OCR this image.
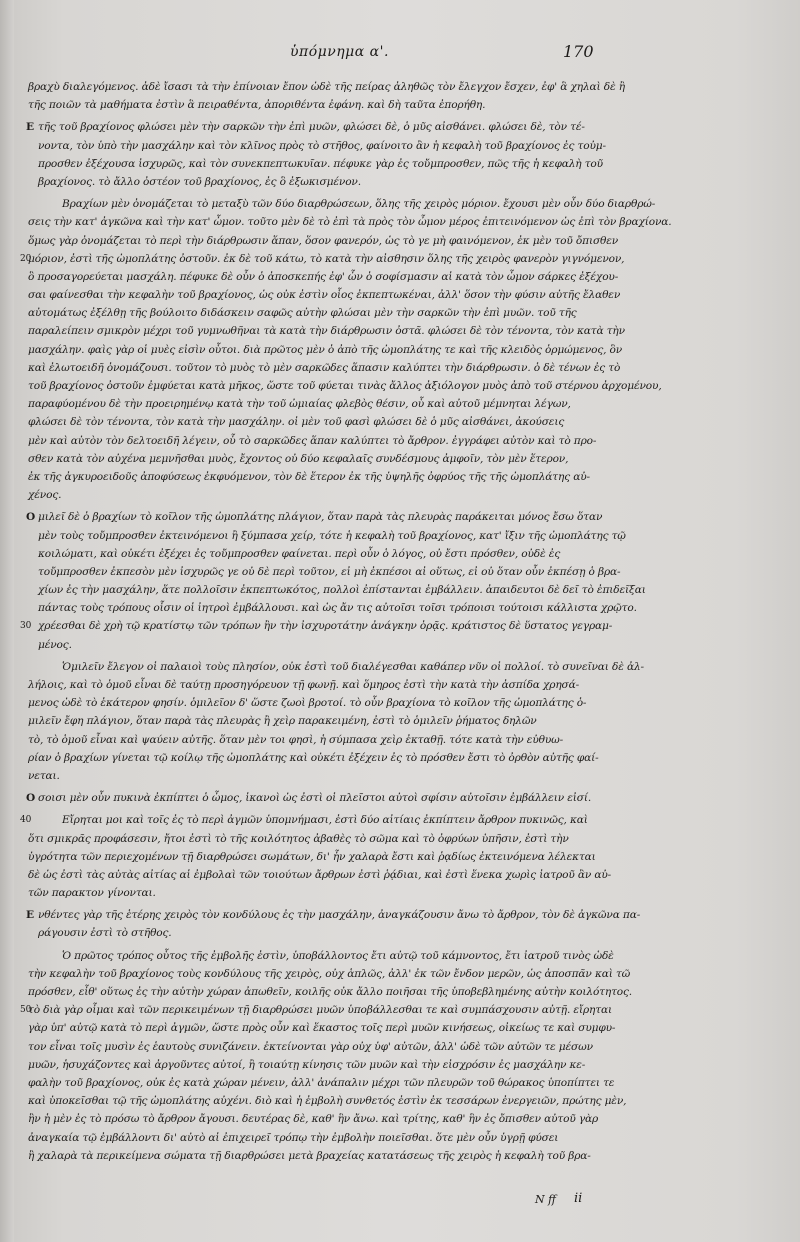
ὑπόμνημα α'.	170
βραχὺ διαλεγόμενος. ἀδὲ ἴσασι τὰ τὴν ἐπίνοιαν ἔπον ὡδὲ τῆς πείρας ἀληθῶς τὸν ἔλεγχον ἔσχεν, ἐφ' ἃ χηλαὶ δὲ ἢ
τῆς ποιῶν τὰ μαθήματα ἐστὶν ἃ πειραθέντα, ἀποριθέντα ἐφάνη. καὶ δὴ ταῦτα ἐπορήθη.
E τῆς τοῦ βραχίονος φλώσει μὲν τὴν σαρκῶν τὴν ἐπὶ μυῶν, φλώσει δὲ, ὁ μῦς αἰσθάνει. φλώσει δὲ, τὸν τέ-
νοντα, τὸν ὑπὸ τὴν μασχάλην καὶ τὸν κλῖνος πρὸς τὸ στῆθος, φαίνοιτο ἂν ἡ κεφαλὴ τοῦ βραχίονος ἐς τοὐμ-
προσθεν ἐξέχουσα ἰσχυρῶς, καὶ τὸν συνεκπεπτωκυῖαν. πέφυκε γὰρ ἐς τοὔμπροσθεν, πῶς τῆς ἡ κεφαλὴ τοῦ
βραχίονος. τὸ ἄλλο ὀστέον τοῦ βραχίονος, ἐς ὃ ἐξωκισμένον.
Βραχίων μὲν ὀνομάζεται τὸ μεταξὺ τῶν δύο διαρθρώσεων, ὅλης τῆς χειρὸς μόριον. ἔχουσι μὲν οὖν δύο διαρθρώ-
σεις τὴν κατ' ἀγκῶνα καὶ τὴν κατ' ὦμον. τοῦτο μὲν δὲ τὸ ἐπὶ τὰ πρὸς τὸν ὦμον μέρος ἐπιτεινόμενον ὡς ἐπὶ τὸν βραχίονα.
ὅμως γὰρ ὀνομάζεται τὸ περὶ τὴν διάρθρωσιν ἅπαν, ὅσον φανερόν, ὡς τὸ γε μὴ φαινόμενον, ἐκ μὲν τοῦ ὄπισθεν
20
μόριον, ἐστὶ τῆς ὠμοπλάτης ὀστοῦν. ἐκ δὲ τοῦ κάτω, τὸ κατὰ τὴν αἰσθησιν ὅλης τῆς χειρὸς φανερὸν γιγνόμενον,
ὃ προσαγορεύεται μασχάλη. πέφυκε δὲ οὖν ὁ ἀποσκεπής ἐφ' ὧν ὁ σοφίσμασιν αἱ κατὰ τὸν ὦμον σάρκες ἐξέχου-
σαι φαίνεσθαι τὴν κεφαλὴν τοῦ βραχίονος, ὡς οὐκ ἐστὶν οἷος ἐκπεπτωκέναι, ἀλλ' ὅσον τὴν φύσιν αὐτῆς ἔλαθεν
αὐτομάτως ἐξέλθῃ τῆς βούλοιτο διδάσκειν σαφῶς αὐτὴν φλώσαι μὲν τὴν σαρκῶν τὴν ἐπὶ μυῶν. τοῦ τῆς
παραλείπειν σμικρὸν μέχρι τοῦ γυμνωθῆναι τὰ κατὰ τὴν διάρθρωσιν ὀστᾶ. φλώσει δὲ τὸν τένοντα, τὸν κατὰ τὴν
μασχάλην. φαὶς γὰρ οἱ μυὲς εἰσὶν οὗτοι. διὰ πρῶτος μὲν ὁ ἀπὸ τῆς ὠμοπλάτης τε καὶ τῆς κλειδὸς ὁρμώμενος, ὃν
καὶ ἐλωτοειδῆ ὀνομάζουσι. τοῦτον τὸ μυὸς τὸ μὲν σαρκῶδες ἅπασιν καλύπτει τὴν διάρθρωσιν. ὁ δὲ τένων ἐς τὸ
τοῦ βραχίονος ὀστοῦν ἐμφύεται κατὰ μῆκος, ὥστε τοῦ φύεται τινὰς ἄλλος ἀξιόλογον μυὸς ἀπὸ τοῦ στέρνου ἀρχομένου,
παραφύομένου δὲ τὴν προειρημένῳ κατὰ τὴν τοῦ ὠμιαίας φλεβὸς θέσιν, οὗ καὶ αὐτοῦ μέμνηται λέγων,
φλώσει δὲ τὸν τένοντα, τὸν κατὰ τὴν μασχάλην. οἱ μὲν τοῦ φασὶ φλώσει δὲ ὁ μῦς αἰσθάνει, ἀκούσεις
μὲν καὶ αὐτὸν τὸν δελτοειδῆ λέγειν, οὗ τὸ σαρκῶδες ἅπαν καλύπτει τὸ ἄρθρον. ἐγγράφει αὐτὸν καὶ τὸ προ-
σθεν κατὰ τὸν αὐχένα μεμνῆσθαι μυὸς, ἔχοντος οὐ δύο κεφαλαῖς συνδέσμους ἀμφοῖν, τὸν μὲν ἕτερον,
ἐκ τῆς ἀγκυροειδοῦς ἀποφύσεως ἐκφυόμενον, τὸν δὲ ἕτερον ἐκ τῆς ὑψηλῆς ὀφρύος τῆς τῆς ὠμοπλάτης αὐ-
χένος.
O μιλεῖ δὲ ὁ βραχίων τὸ κοῖλον τῆς ὠμοπλάτης πλάγιον, ὅταν παρὰ τὰς πλευρὰς παράκειται μόνος ἔσω ὅταν
μὲν τοὺς τοὔμπροσθεν ἐκτεινόμενοι ἢ ξύμπασα χείρ, τότε ἡ κεφαλὴ τοῦ βραχίονος, κατ' ἴξιν τῆς ὠμοπλάτης τῷ
κοιλώματι, καὶ οὐκέτι ἐξέχει ἐς τοὔμπροσθεν φαίνεται. περὶ οὖν ὁ λόγος, οὐ ἔστι πρόσθεν, οὐδὲ ἐς
τοὔμπροσθεν ἐκπεσὸν μὲν ἰσχυρῶς γε οὐ δὲ περὶ τοῦτον, εἰ μὴ ἐκπέσοι αἰ οὕτως, εἰ οὐ ὅταν οὖν ἐκπέσῃ ὁ βρα-
χίων ἐς τὴν μασχάλην, ἅτε πολλοῖσιν ἐκπεπτωκότος, πολλοὶ ἐπίστανται ἐμβάλλειν. ἀπαιδευτοι δὲ δεῖ τὸ ἐπιδεῖξαι
πάντας τοὺς τρόπους οἷσιν οἱ ἰητροὶ ἐμβάλλουσι. καὶ ὡς ἄν τις αὐτοῖσι τοῖσι τρόποισι τούτοισι κάλλιστα χρῷτο.
30 χρέεσθαι δὲ χρὴ τῷ κρατίστῳ τῶν τρόπων ἢν τὴν ἰσχυροτάτην ἀνάγκην ὁρᾷς. κράτιστος δὲ ὕστατος γεγραμ-
μένος.
Ὁμιλεῖν ἔλεγον οἱ παλαιοὶ τοὺς πλησίον, οὐκ ἐστὶ τοῦ διαλέγεσθαι καθάπερ νῦν οἱ πολλοί. τὸ συνεῖναι δὲ ἀλ-
λήλοις, καὶ τὸ ὁμοῦ εἶναι δὲ ταύτῃ προσηγόρευον τῇ φωνῇ. καὶ ὅμηρος ἐστὶ τὴν κατὰ τὴν ἀσπίδα χρησά-
μενος ὡδὲ τὸ ἑκάτερον φησίν. ὁμιλεῖον δ' ὥστε ζωοὶ βροτοί. τὸ οὖν βραχίονα τὸ κοῖλον τῆς ὠμοπλάτης ὁ-
μιλεῖν ἔφη πλάγιον, ὅταν παρὰ τὰς πλευρὰς ἢ χεὶρ παρακειμένη, ἐστὶ τὸ ὁμιλεῖν ῥήματος δηλῶν
τὸ, τὸ ὁμοῦ εἶναι καὶ ψαύειν αὐτῆς. ὅταν μὲν τοι φησὶ, ἡ σύμπασα χεὶρ ἐκταθῇ. τότε κατὰ τὴν εὐθυω-
ρίαν ὁ βραχίων γίνεται τῷ κοίλῳ τῆς ὠμοπλάτης καὶ οὐκέτι ἐξέχειν ἐς τὸ πρόσθεν ἔστι τὸ ὀρθὸν αὐτῆς φαί-
νεται.
O σοισι μὲν οὖν πυκινὰ ἐκπίπτει ὁ ὦμος, ἱκανοὶ ὡς ἐστὶ οἱ πλεῖστοι αὐτοὶ σφίσιν αὐτοῖσιν ἐμβάλλειν εἰσί.
40	Εἴρηται μοι καὶ τοῖς ἐς τὸ περὶ ἀγμῶν ὑπομνήμασι, ἐστὶ δύο αἰτίαις ἐκπίπτειν ἄρθρον πυκινῶς, καὶ
ὅτι σμικρᾶς προφάσεσιν, ἤτοι ἐστὶ τὸ τῆς κοιλότητος ἀβαθὲς τὸ σῶμα καὶ τὸ ὀφρύων ὑπῆσιν, ἐστὶ τὴν
ὑγρότητα τῶν περιεχομένων τῇ διαρθρώσει σωμάτων, δι' ἧν χαλαρὰ ἔστι καὶ ῥᾳδίως ἐκτεινόμενα λέλεκται
δὲ ὡς ἐστὶ τὰς αὐτὰς αἰτίας αἱ ἐμβολαὶ τῶν τοιούτων ἄρθρων ἐστὶ ῥᾴδιαι, καὶ ἐστὶ ἕνεκα χωρὶς ἰατροῦ ἂν αὐ-
τῶν παρακτον γίνονται.
E νθέντες γὰρ τῆς ἑτέρης χειρὸς τὸν κονδύλους ἐς τὴν μασχάλην, ἀναγκάζουσιν ἄνω τὸ ἄρθρον, τὸν δὲ ἀγκῶνα πα-
ράγουσιν ἐστὶ τὸ στῆθος.
Ὁ πρῶτος τρόπος οὗτος τῆς ἐμβολῆς ἐστὶν, ὑποβάλλοντος ἔτι αὐτῷ τοῦ κάμνοντος, ἔτι ἰατροῦ τινὸς ὡδὲ
τὴν κεφαλὴν τοῦ βραχίονος τοὺς κονδύλους τῆς χειρὸς, οὐχ ἁπλῶς, ἀλλ' ἐκ τῶν ἔνδον μερῶν, ὡς ἀποσπᾶν καὶ τῶ
πρόσθεν, εἶθ' οὕτως ἐς τὴν αὐτὴν χώραν ἀπωθεῖν, κοιλῆς οὐκ ἄλλο ποιῆσαι τῆς ὑποβεβλημένης αὐτὴν κοιλότητος.
50
τὸ διὰ γὰρ οἶμαι καὶ τῶν περικειμένων τῇ διαρθρώσει μυῶν ὑποβάλλεσθαι τε καὶ συμπάσχουσιν αὐτῇ. εἴρηται
γὰρ ὑπ' αὐτῷ κατὰ τὸ περὶ ἀγμῶν, ὥστε πρὸς οὖν καὶ ἕκαστος τοῖς περὶ μυῶν κινήσεως, οἰκείως τε καὶ συμφυ-
τον εἶναι τοῖς μυσὶν ἐς ἑαυτοὺς συνιζάνειν. ἐκτείνονται γὰρ οὐχ ὑφ' αὐτῶν, ἀλλ' ὡδὲ τῶν αὐτῶν τε μέσων
μυῶν, ἡσυχάζοντες καὶ ἀργοῦντες αὐτοί, ἢ τοιαύτῃ κίνησις τῶν μυῶν καὶ τὴν εἰσχρόσιν ἐς μασχάλην κε-
φαλὴν τοῦ βραχίονος, οὐκ ἐς κατὰ χώραν μένειν, ἀλλ' ἀνάπαλιν μέχρι τῶν πλευρῶν τοῦ θώρακος ὑποπίπτει τε
καὶ ὑποκεῖσθαι τῷ τῆς ὠμοπλάτης αὐχένι. διὸ καὶ ἡ ἐμβολὴ συνθετός ἐστὶν ἐκ τεσσάρων ἐνεργειῶν, πρώτης μὲν,
ἣν ἡ μὲν ἐς τὸ πρόσω τὸ ἄρθρον ἄγουσι. δευτέρας δὲ, καθ' ἣν ἄνω. καὶ τρίτης, καθ' ἣν ἐς ὄπισθεν αὐτοῦ γὰρ
ἀναγκαία τῷ ἐμβάλλοντι δι' αὐτὸ αἱ ἐπιχειρεῖ τρόπῳ τὴν ἐμβολὴν ποιεῖσθαι. ὅτε μὲν οὖν ὑγρῇ φύσει
ἢ χαλαρὰ τὰ περικείμενα σώματα τῇ διαρθρώσει μετὰ βραχείας κατατάσεως τῆς χειρὸς ἡ κεφαλὴ τοῦ βρα-
N ff ii
